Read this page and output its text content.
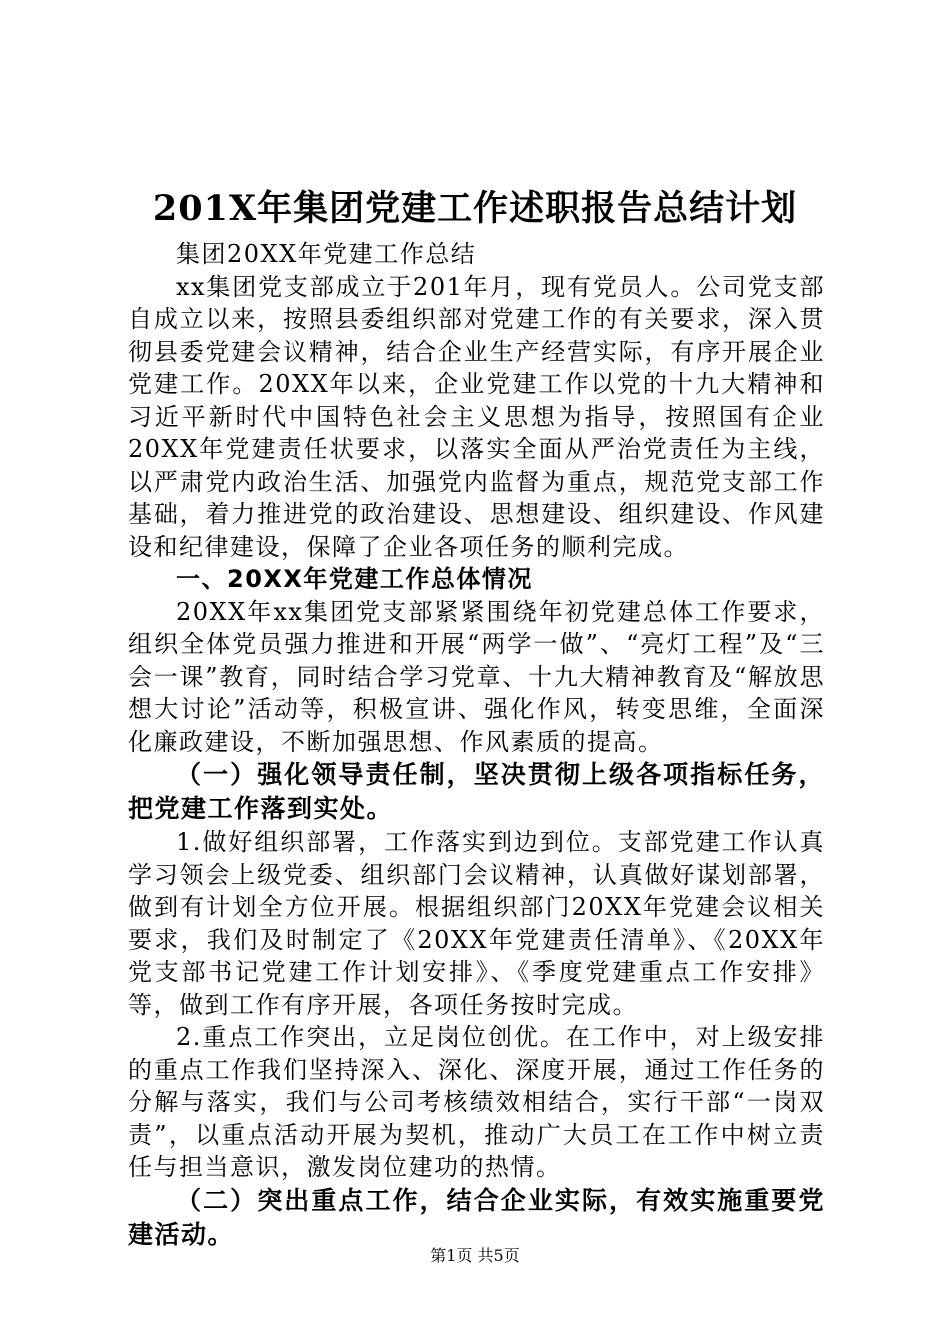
201X年集团党建工作述职报告总结计划

集团20XX年党建工作总结

xx集团党支部成立于201年月，现有党员人。公司党支部自成立以来，按照县委组织部对党建工作的有关要求，深入贯彻县委党建会议精神，结合企业生产经营实际，有序开展企业党建工作。20XX年以来，企业党建工作以党的十九大精神和习近平新时代中国特色社会主义思想为指导，按照国有企业20XX年党建责任状要求，以落实全面从严治党责任为主线，以严肃党内政治生活、加强党内监督为重点，规范党支部工作基础，着力推进党的政治建设、思想建设、组织建设、作风建设和纪律建设，保障了企业各项任务的顺利完成。

一、20XX年党建工作总体情况

20XX年xx集团党支部紧紧围绕年初党建总体工作要求，组织全体党员强力推进和开展“两学一做”、“亮灯工程”及“三会一课”教育，同时结合学习党章、十九大精神教育及“解放思想大讨论”活动等，积极宣讲、强化作风，转变思维，全面深化廉政建设，不断加强思想、作风素质的提高。

（一）强化领导责任制，坚决贯彻上级各项指标任务，把党建工作落到实处。

1.做好组织部署，工作落实到边到位。支部党建工作认真学习领会上级党委、组织部门会议精神，认真做好谋划部署，做到有计划全方位开展。根据组织部门20XX年党建会议相关要求，我们及时制定了《20XX年党建责任清单》、《20XX年党支部书记党建工作计划安排》、《季度党建重点工作安排》等，做到工作有序开展，各项任务按时完成。

2.重点工作突出，立足岗位创优。在工作中，对上级安排的重点工作我们坚持深入、深化、深度开展，通过工作任务的分解与落实，我们与公司考核绩效相结合，实行干部“一岗双责”，以重点活动开展为契机，推动广大员工在工作中树立责任与担当意识，激发岗位建功的热情。

（二）突出重点工作，结合企业实际，有效实施重要党建活动。

第1页 共5页
